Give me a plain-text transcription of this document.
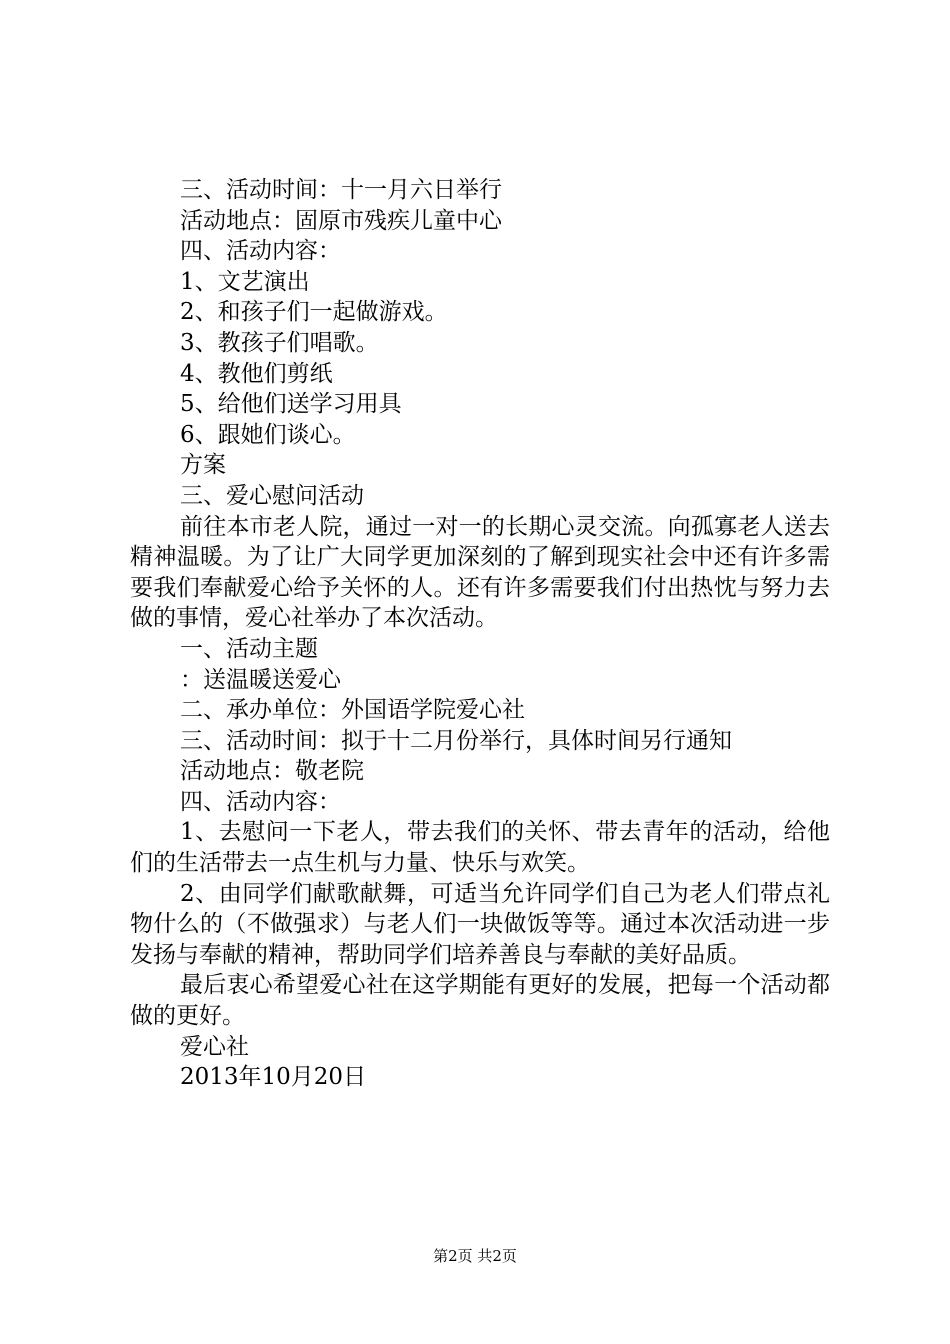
三、活动时间：十一月六日举行

活动地点：固原市残疾儿童中心

四、活动内容：

1、文艺演出

2、和孩子们一起做游戏。

3、教孩子们唱歌。

4、教他们剪纸

5、给他们送学习用具

6、跟她们谈心。

方案

三、爱心慰问活动

前往本市老人院，通过一对一的长期心灵交流。向孤寡老人送去精神温暖。为了让广大同学更加深刻的了解到现实社会中还有许多需要我们奉献爱心给予关怀的人。还有许多需要我们付出热忱与努力去做的事情，爱心社举办了本次活动。

一、活动主题

：送温暖送爱心

二、承办单位：外国语学院爱心社

三、活动时间：拟于十二月份举行，具体时间另行通知

活动地点：敬老院

四、活动内容：

1、去慰问一下老人，带去我们的关怀、带去青年的活动，给他们的生活带去一点生机与力量、快乐与欢笑。

2、由同学们献歌献舞，可适当允许同学们自己为老人们带点礼物什么的（不做强求）与老人们一块做饭等等。通过本次活动进一步发扬与奉献的精神，帮助同学们培养善良与奉献的美好品质。

最后衷心希望爱心社在这学期能有更好的发展，把每一个活动都做的更好。

爱心社

2013年10月20日

第2页 共2页
